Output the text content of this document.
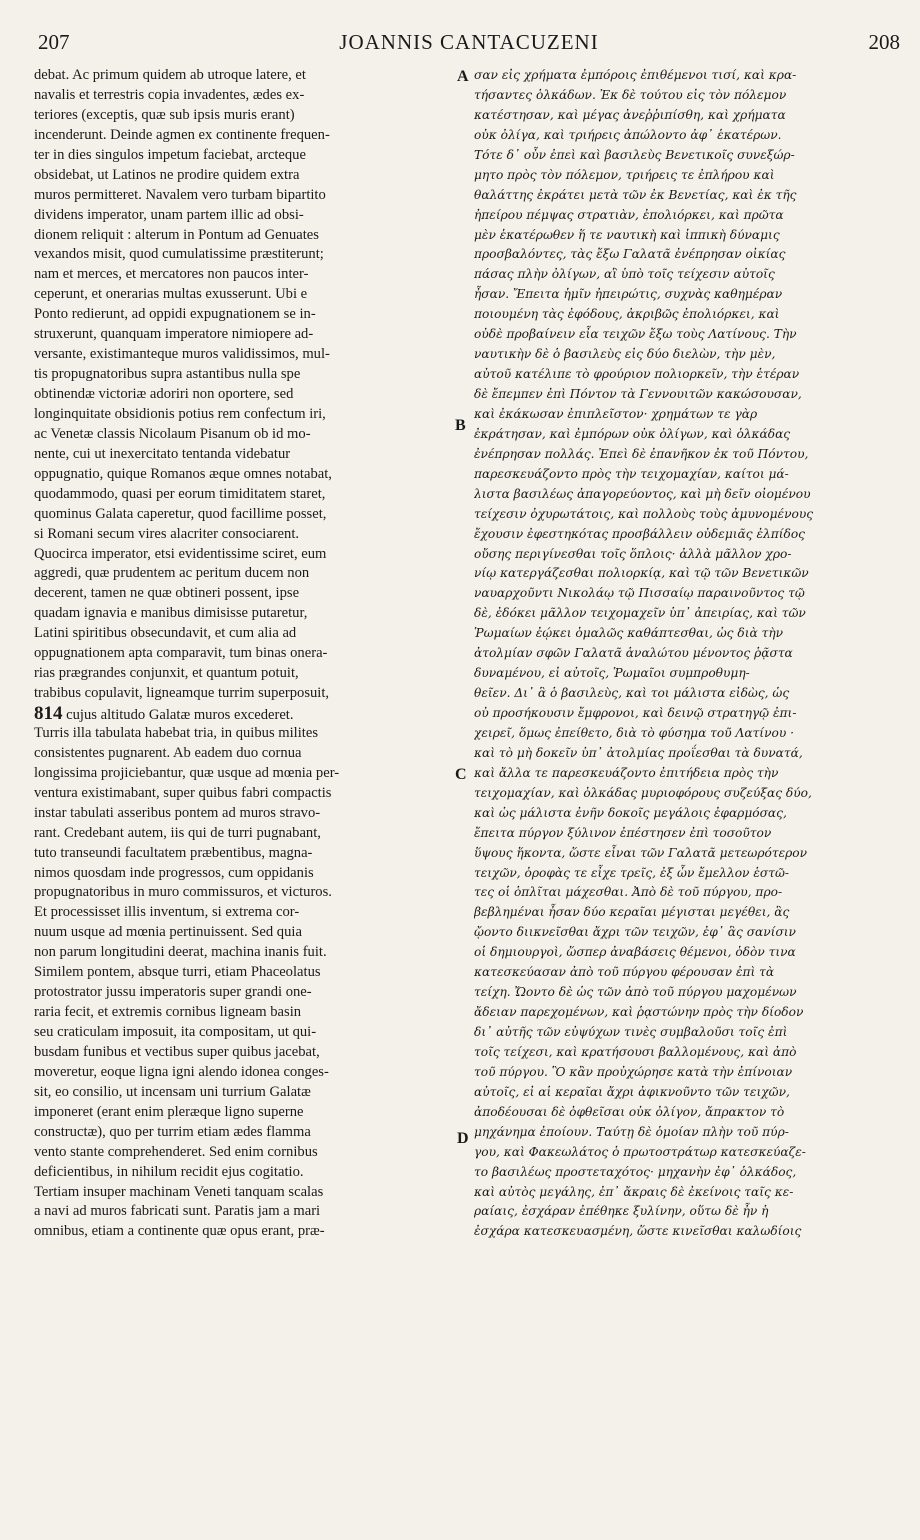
207	JOANNIS CANTACUZENI	208
debat. Ac primum quidem ab utroque latere, et
navalis et terrestris copia invadentes, ædes ex-
teriores (exceptis, quæ sub ipsis muris erant)
incenderunt. Deinde agmen ex continente frequen-
ter in dies singulos impetum faciebat, arcteque
obsidebat, ut Latinos ne prodire quidem extra
muros permitteret. Navalem vero turbam bipartito
dividens imperator, unam partem illic ad obsi-
dionem reliquit : alterum in Pontum ad Genuates
vexandos misit, quod cumulatissime præstiterunt;
nam et merces, et mercatores non paucos inter-
ceperunt, et onerarias multas exusserunt. Ubi e
Ponto redierunt, ad oppidi expugnationem se in-
struxerunt, quanquam imperatore nimiopere ad-
versante, existimanteque muros validissimos, mul-
tis propugnatoribus supra astantibus nulla spe
obtinendæ victoriæ adoriri non oportere, sed
longinquitate obsidionis potius rem confectum iri,
ac Venetæ classis Nicolaum Pisanum ob id mo-
nente, cui ut inexercitato tentanda videbatur
oppugnatio, quique Romanos æque omnes notabat,
quodammodo, quasi per eorum timiditatem staret,
quominus Galata caperetur, quod facillime posset,
si Romani secum vires alacriter consociarent.
Quocirca imperator, etsi evidentissime sciret, eum
aggredi, quæ prudentem ac peritum ducem non
decerent, tamen ne quæ obtineri possent, ipse
quadam ignavia e manibus dimisisse putaretur,
Latini spiritibus obsecundavit, et cum alia ad
oppugnationem apta comparavit, tum binas onera-
rias prægrandes conjunxit, et quantum potuit,
trabibus copulavit, ligneamque turrim superposuit,
814 cujus altitudo Galatæ muros excederet.
Turris illa tabulata habebat tria, in quibus milites
consistentes pugnarent. Ab eadem duo cornua
longissima projiciebantur, quæ usque ad mœnia per-
ventura existimabant, super quibus fabri compactis
instar tabulati asseribus pontem ad muros stravo-
rant. Credebant autem, iis qui de turri pugnabant,
tuto transeundi facultatem præbentibus, magna-
nimos quosdam inde progressos, cum oppidanis
propugnatoribus in muro commissuros, et victuros.
Et processisset illis inventum, si extrema cor-
nuum usque ad mœnia pertinuissent. Sed quia
non parum longitudini deerat, machina inanis fuit.
Similem pontem, absque turri, etiam Phaceolatus
protostrator jussu imperatoris super grandi one-
raria fecit, et extremis cornibus ligneam basin
seu craticulam imposuit, ita compositam, ut qui-
busdam funibus et vectibus super quibus jacebat,
moveretur, eoque ligna igni alendo idonea conges-
sit, eo consilio, ut incensam uni turrium Galatæ
imponeret (erant enim pleræque ligno superne
constructæ), quo per turrim etiam ædes flamma
vento stante comprehenderet. Sed enim cornibus
deficientibus, in nihilum recidit ejus cogitatio.
Tertiam insuper machinam Veneti tanquam scalas
a navi ad muros fabricati sunt. Paratis jam a mari
omnibus, etiam a continente quæ opus erant, præ-
σαν εἰς χρήματα ἐμπόροις ἐπιθέμενοι τισί, καὶ κρα-
τήσαντες ὁλκάδων. Ἐκ δὲ τούτου εἰς τὸν πόλεμον
κατέστησαν, καὶ μέγας ἀνεῤῥιπίσθη, καὶ χρήματα
οὐκ ὀλίγα, καὶ τριήρεις ἀπώλοντο ἀφ᾽ ἑκατέρων.
Τότε δ᾽ οὖν ἐπεὶ καὶ βασιλεὺς Βενετικοῖς συνεξώρ-
μητο πρὸς τὸν πόλεμον, τριήρεις τε ἐπλήρου καὶ
θαλάττης ἐκράτει μετὰ τῶν ἐκ Βενετίας, καὶ ἐκ τῆς
ἠπείρου πέμψας στρατιὰν, ἐπολιόρκει, καὶ πρῶτα
μὲν ἑκατέρωθεν ἥ τε ναυτικὴ καὶ ἱππικὴ δύναμις
προσβαλόντες, τὰς ἔξω Γαλατᾶ ἐνέπρησαν οἰκίας
πάσας πλὴν ὀλίγων, αἳ ὑπὸ τοῖς τείχεσιν αὐτοῖς
ἦσαν. Ἔπειτα ἡμῖν ἠπειρώτις, συχνὰς καθημέραν
ποιουμένη τὰς ἐφόδους, ἀκριβῶς ἐπολιόρκει, καὶ
οὐδὲ προβαίνειν εἶα τειχῶν ἔξω τοὺς Λατίνους. Τὴν
ναυτικὴν δὲ ὁ βασιλεὺς εἰς δύο διελὼν, τὴν μὲν,
αὐτοῦ κατέλιπε τὸ φρούριον πολιορκεῖν, τὴν ἑτέραν
δὲ ἔπεμπεν ἐπὶ Πόντον τὰ Γεννουιτῶν κακώσουσαν,
καὶ ἐκάκωσαν ἐπιπλεῖστον· χρημάτων τε γὰρ
ἐκράτησαν, καὶ ἐμπόρων οὐκ ὀλίγων, καὶ ὁλκάδας
ἐνέπρησαν πολλάς. Ἐπεὶ δὲ ἐπανῆκον ἐκ τοῦ Πόντου,
παρεσκευάζοντο πρὸς τὴν τειχομαχίαν, καίτοι μά-
λιστα βασιλέως ἀπαγορεύοντος, καὶ μὴ δεῖν οἰομένου
τείχεσιν ὀχυρωτάτοις, καὶ πολλοὺς τοὺς ἀμυνομένους
ἔχουσιν ἐφεστηκότας προσβάλλειν οὐδεμιᾶς ἐλπίδος
οὔσης περιγίνεσθαι τοῖς ὅπλοις· ἀλλὰ μᾶλλον χρο-
νίῳ κατεργάζεσθαι πολιορκίᾳ, καὶ τῷ τῶν Βενετικῶν
ναυαρχοῦντι Νικολάῳ τῷ Πισσαίῳ παραινοῦντος τῷ
δὲ, ἐδόκει μᾶλλον τειχομαχεῖν ὑπ᾽ ἀπειρίας, καὶ τῶν
Ῥωμαίων ἐῴκει ὁμαλῶς καθάπτεσθαι, ὡς διὰ τὴν
ἀτολμίαν σφῶν Γαλατᾶ ἁναλώτου μένοντος ῥᾷστα
δυναμένου, εἰ αὐτοῖς, Ῥωμαῖοι συμπροθυμη-
θεῖεν. Δι᾽ ἃ ὁ βασιλεὺς, καὶ τοι μάλιστα εἰδὼς, ὡς
οὐ προσήκουσιν ἔμφρονοι, καὶ δεινῷ στρατηγῷ ἐπι-
χειρεῖ, ὅμως ἐπείθετο, διὰ τὸ φύσημα τοῦ Λατίνου ·
καὶ τὸ μὴ δοκεῖν ὑπ᾽ ἀτολμίας προΐεσθαι τὰ δυνατά,
καὶ ἄλλα τε παρεσκευάζοντο ἐπιτήδεια πρὸς τὴν
τειχομαχίαν, καὶ ὁλκάδας μυριοφόρους συζεύξας δύο,
καὶ ὡς μάλιστα ἐνῆν δοκοῖς μεγάλοις ἐφαρμόσας,
ἔπειτα πύργον ξύλινον ἐπέστησεν ἐπὶ τοσοῦτον
ὕψους ἥκοντα, ὥστε εἶναι τῶν Γαλατᾶ μετεωρότερον
τειχῶν, ὀροφὰς τε εἶχε τρεῖς, ἐξ ὧν ἔμελλον ἑστῶ-
τες οἱ ὁπλῖται μάχεσθαι. Ἀπὸ δὲ τοῦ πύργου, προ-
βεβλημέναι ἦσαν δύο κεραῖαι μέγισται μεγέθει, ἃς
ᾤοντο διικνεῖσθαι ἄχρι τῶν τειχῶν, ἐφ᾽ ἃς σανίσιν
οἱ δημιουργοὶ, ὥσπερ ἀναβάσεις θέμενοι, ὁδὸν τινα
κατεσκεύασαν ἀπὸ τοῦ πύργου φέρουσαν ἐπὶ τὰ
τείχη. Ὤοντο δὲ ὡς τῶν ἀπὸ τοῦ πύργου μαχομένων
ἄδειαν παρεχομένων, καὶ ῥᾳστώνην πρὸς τὴν δίοδον
δι᾽ αὐτῆς τῶν εὐψύχων τινὲς συμβαλοῦσι τοῖς ἐπὶ
τοῖς τείχεσι, καὶ κρατήσουσι βαλλομένους, καὶ ἀπὸ
τοῦ πύργου. Ὃ κἂν προὐχώρησε κατὰ τὴν ἐπίνοιαν
αὐτοῖς, εἰ αἱ κεραῖαι ἄχρι ἀφικνοῦντο τῶν τειχῶν,
ἀποδέουσαι δὲ ὀφθεῖσαι οὐκ ὀλίγον, ἄπρακτον τὸ
μηχάνημα ἐποίουν. Ταύτῃ δὲ ὁμοίαν πλὴν τοῦ πύρ-
γου, καὶ Φακεωλάτος ὁ πρωτοστράτωρ κατεσκεύαζε-
το βασιλέως προστεταχότος· μηχανὴν ἐφ᾽ ὁλκάδος,
καὶ αὐτὸς μεγάλης, ἐπ᾽ ἄκραις δὲ ἐκείνοις ταῖς κε-
ραίαις, ἐσχάραν ἐπέθηκε ξυλίνην, οὕτω δὲ ἦν ἡ
ἐσχάρα κατεσκευασμένη, ὥστε κινεῖσθαι καλωδίοις
A
B
C
D
